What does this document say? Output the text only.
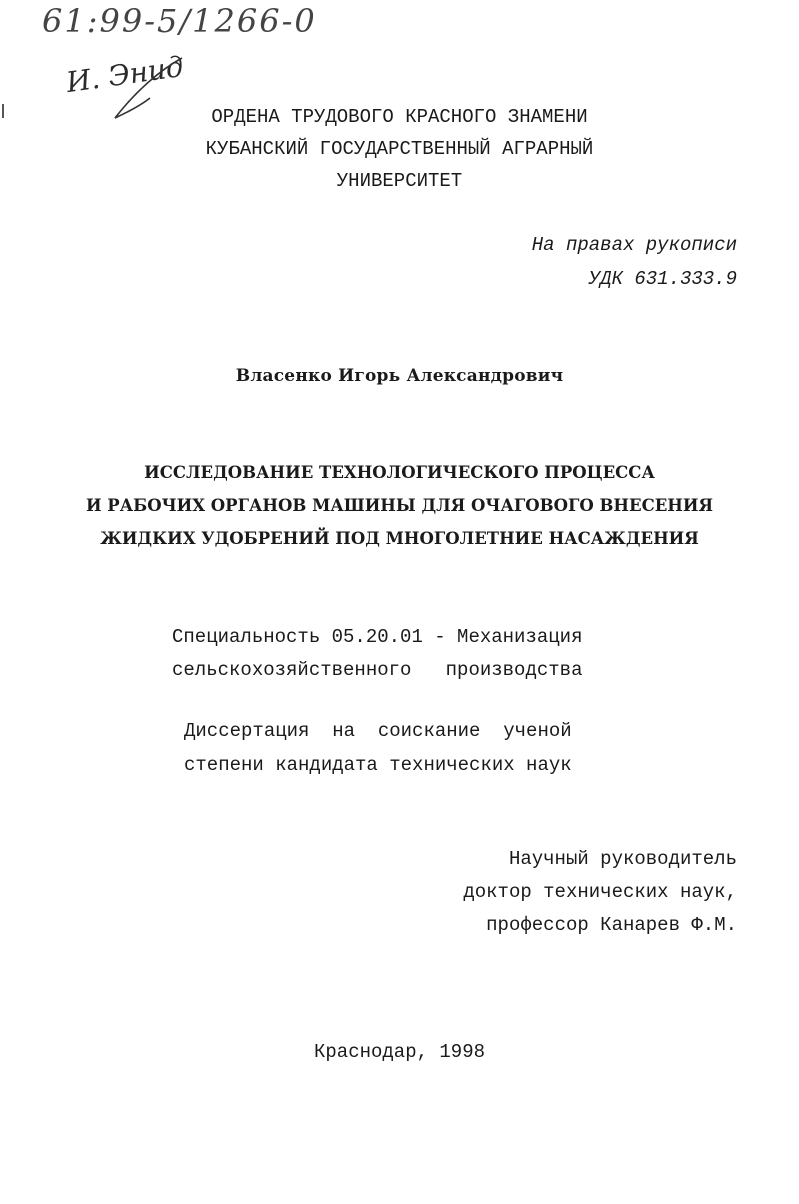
61:99-5/1266-0
И. Энид
ОРДЕНА ТРУДОВОГО КРАСНОГО ЗНАМЕНИ
КУБАНСКИЙ ГОСУДАРСТВЕННЫЙ АГРАРНЫЙ
УНИВЕРСИТЕТ
На правах рукописи
УДК 631.333.9
Власенко Игорь Александрович
ИССЛЕДОВАНИЕ ТЕХНОЛОГИЧЕСКОГО ПРОЦЕССА
И РАБОЧИХ ОРГАНОВ МАШИНЫ ДЛЯ ОЧАГОВОГО ВНЕСЕНИЯ
ЖИДКИХ УДОБРЕНИЙ ПОД МНОГОЛЕТНИЕ НАСАЖДЕНИЯ
Специальность 05.20.01 - Механизация
сельскохозяйственного   производства
Диссертация  на  соискание  ученой
степени кандидата технических наук
Научный руководитель
доктор технических наук,
профессор Канарев Ф.М.
Краснодар, 1998
